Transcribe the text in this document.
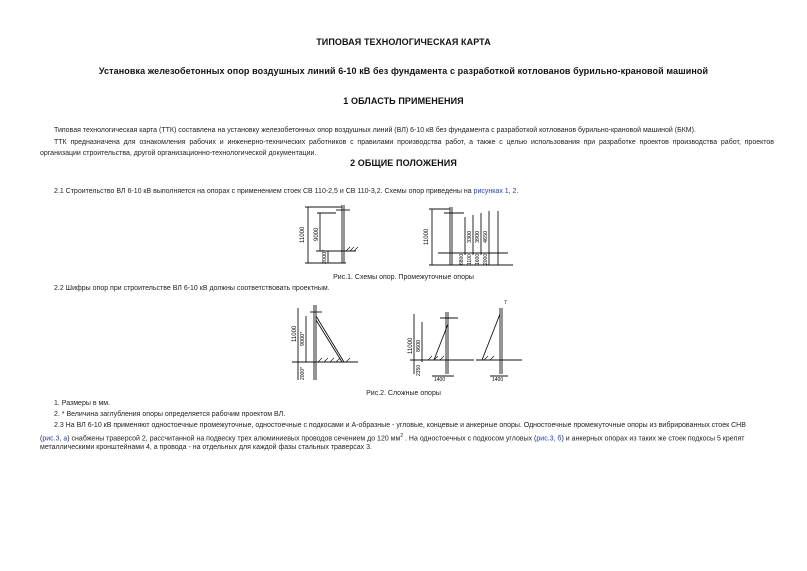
ТИПОВАЯ ТЕХНОЛОГИЧЕСКАЯ КАРТА
Установка железобетонных опор воздушных линий 6-10 кВ без фундамента с разработкой котлованов бурильно-крановой машиной
1 ОБЛАСТЬ ПРИМЕНЕНИЯ
Типовая технологическая карта (ТТК) составлена на установку железобетонных опор воздушных линий (ВЛ) 6-10 кВ без фундамента с разработкой котлованов бурильно-крановой машиной (БКМ).
ТТК предназначена для ознакомления рабочих и инженерно-технических работников с правилами производства работ, а также с целью использования при разработке проектов производства работ, проектов
организации строительства, другой организационно-технологической документации.
2 ОБЩИЕ ПОЛОЖЕНИЯ
2.1 Строительство ВЛ 6-10 кВ выполняется на опорах с применением стоек СВ 110-2,5 и СВ 110-3,2. Схемы опор приведены на рисунках 1, 2.
11000 9000
2000*
11000	3300 3900 4650
8800 1100 1600 2000
Рис.1. Схемы опор. Промежуточные опоры
2.2 Шифры опор при строительстве ВЛ 6-10 кВ должны соответствовать проектным.
11000 9000*
2000*
11000 8600
2350
1400	1400
7
Рис.2. Сложные опоры
1. Размеры в мм.
2. * Величина заглубления опоры определяется рабочим проектом ВЛ.
2.3 На ВЛ 6-10 кВ применяют одностоечные промежуточные, одностоечные с подкосами и А-образные - угловые, концевые и анкерные опоры. Одностоечные промежуточные опоры из вибрированных стоек СНВ
(рис.3, а) снабжены траверсой 2, рассчитанной на подвеску трех алюминиевых проводов сечением до 120 $мм^2$ . На одностоечных с подкосом угловых (рис.3, б) и анкерных опорах из таких же стоек подкосы 5 крепят
металлическими кронштейнами 4, а провода - на отдельных для каждой фазы стальных траверсах 3.
